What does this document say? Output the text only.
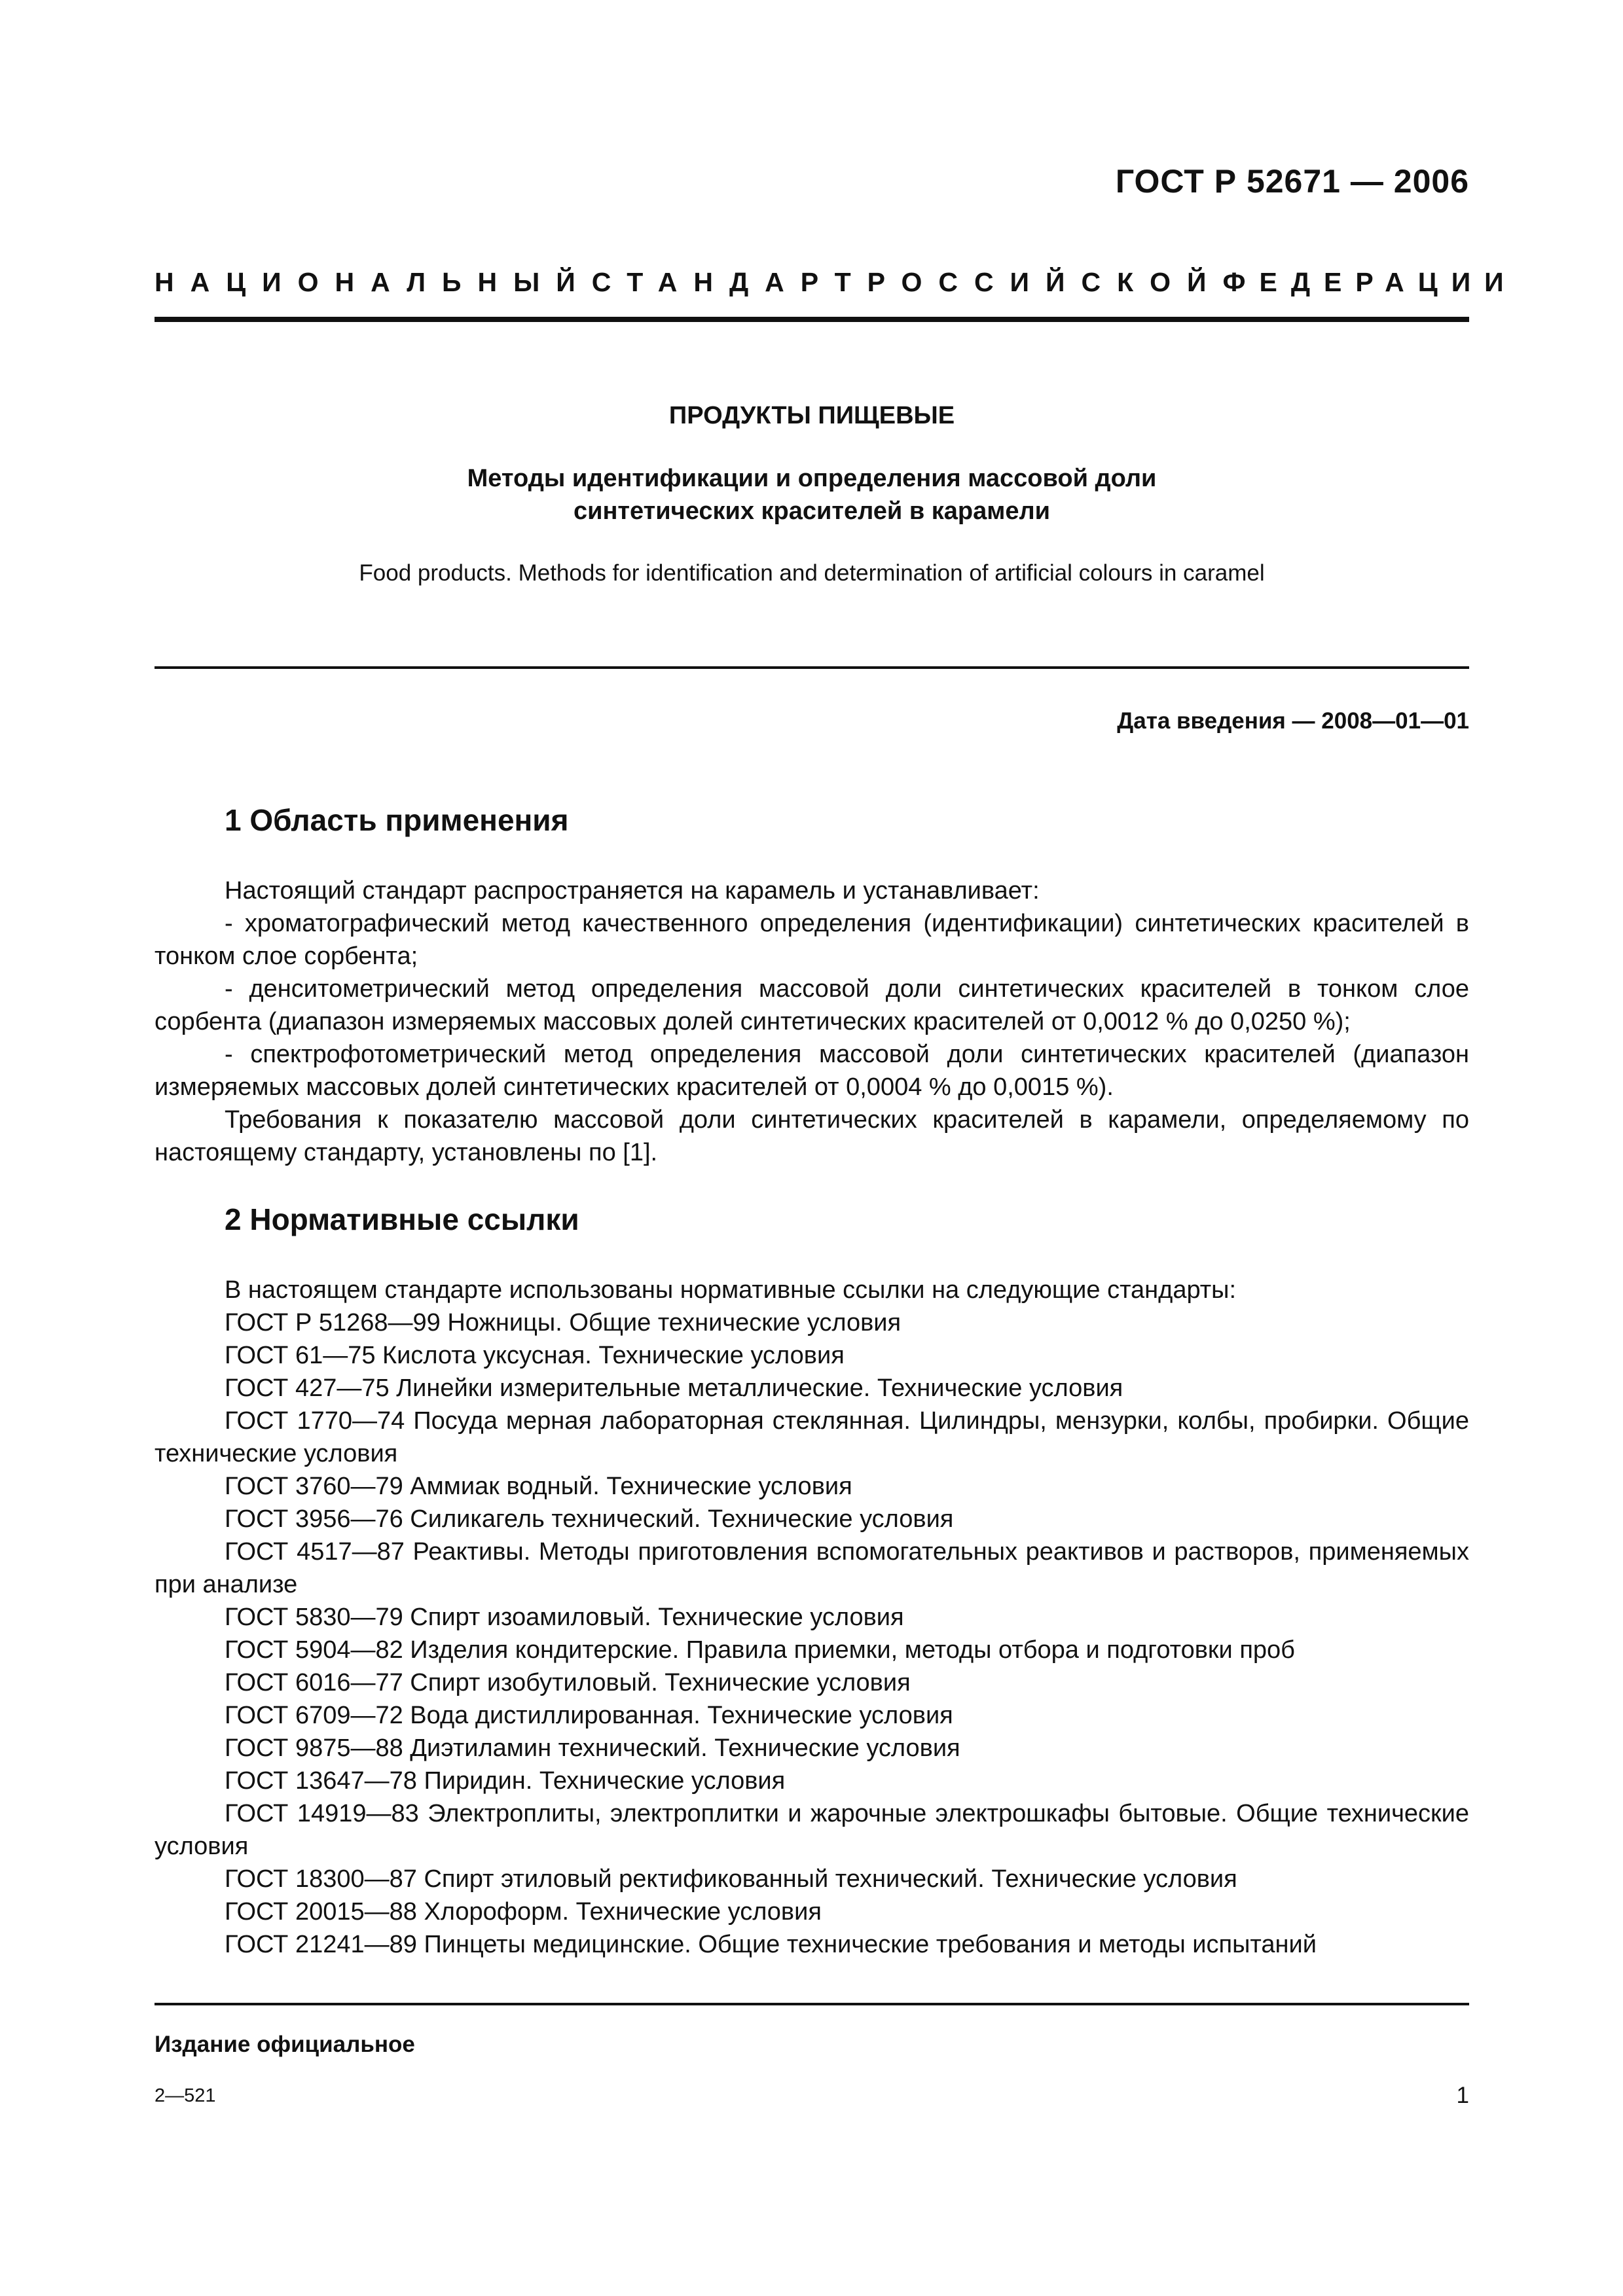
ГОСТ Р 52671 — 2006
НАЦИОНАЛЬНЫЙ СТАНДАРТ РОССИЙСКОЙ ФЕДЕРАЦИИ
ПРОДУКТЫ ПИЩЕВЫЕ
Методы идентификации и определения массовой доли
синтетических красителей в карамели
Food products. Methods for identification and determination of artificial colours in caramel
Дата введения — 2008—01—01
1 Область применения

Настоящий стандарт распространяется на карамель и устанавливает:

- хроматографический метод качественного определения (идентификации) синтетических красителей в тонком слое сорбента;

- денситометрический метод определения массовой доли синтетических красителей в тонком слое сорбента (диапазон измеряемых массовых долей синтетических красителей от 0,0012 % до 0,0250 %);

- спектрофотометрический метод определения массовой доли синтетических красителей (диапазон измеряемых массовых долей синтетических красителей от 0,0004 % до 0,0015 %).

Требования к показателю массовой доли синтетических красителей в карамели, определяемому по настоящему стандарту, установлены по [1].

2 Нормативные ссылки

В настоящем стандарте использованы нормативные ссылки на следующие стандарты:

ГОСТ Р 51268—99 Ножницы. Общие технические условия

ГОСТ 61—75 Кислота уксусная. Технические условия

ГОСТ 427—75 Линейки измерительные металлические. Технические условия

ГОСТ 1770—74 Посуда мерная лабораторная стеклянная. Цилиндры, мензурки, колбы, пробирки. Общие технические условия

ГОСТ 3760—79 Аммиак водный. Технические условия

ГОСТ 3956—76 Силикагель технический. Технические условия

ГОСТ 4517—87 Реактивы. Методы приготовления вспомогательных реактивов и растворов, применяемых при анализе

ГОСТ 5830—79 Спирт изоамиловый. Технические условия

ГОСТ 5904—82 Изделия кондитерские. Правила приемки, методы отбора и подготовки проб

ГОСТ 6016—77 Спирт изобутиловый. Технические условия

ГОСТ 6709—72 Вода дистиллированная. Технические условия

ГОСТ 9875—88 Диэтиламин технический. Технические условия

ГОСТ 13647—78 Пиридин. Технические условия

ГОСТ 14919—83 Электроплиты, электроплитки и жарочные электрошкафы бытовые. Общие технические условия

ГОСТ 18300—87 Спирт этиловый ректификованный технический. Технические условия

ГОСТ 20015—88 Хлороформ. Технические условия

ГОСТ 21241—89 Пинцеты медицинские. Общие технические требования и методы испытаний

Издание официальное
2—521	1
